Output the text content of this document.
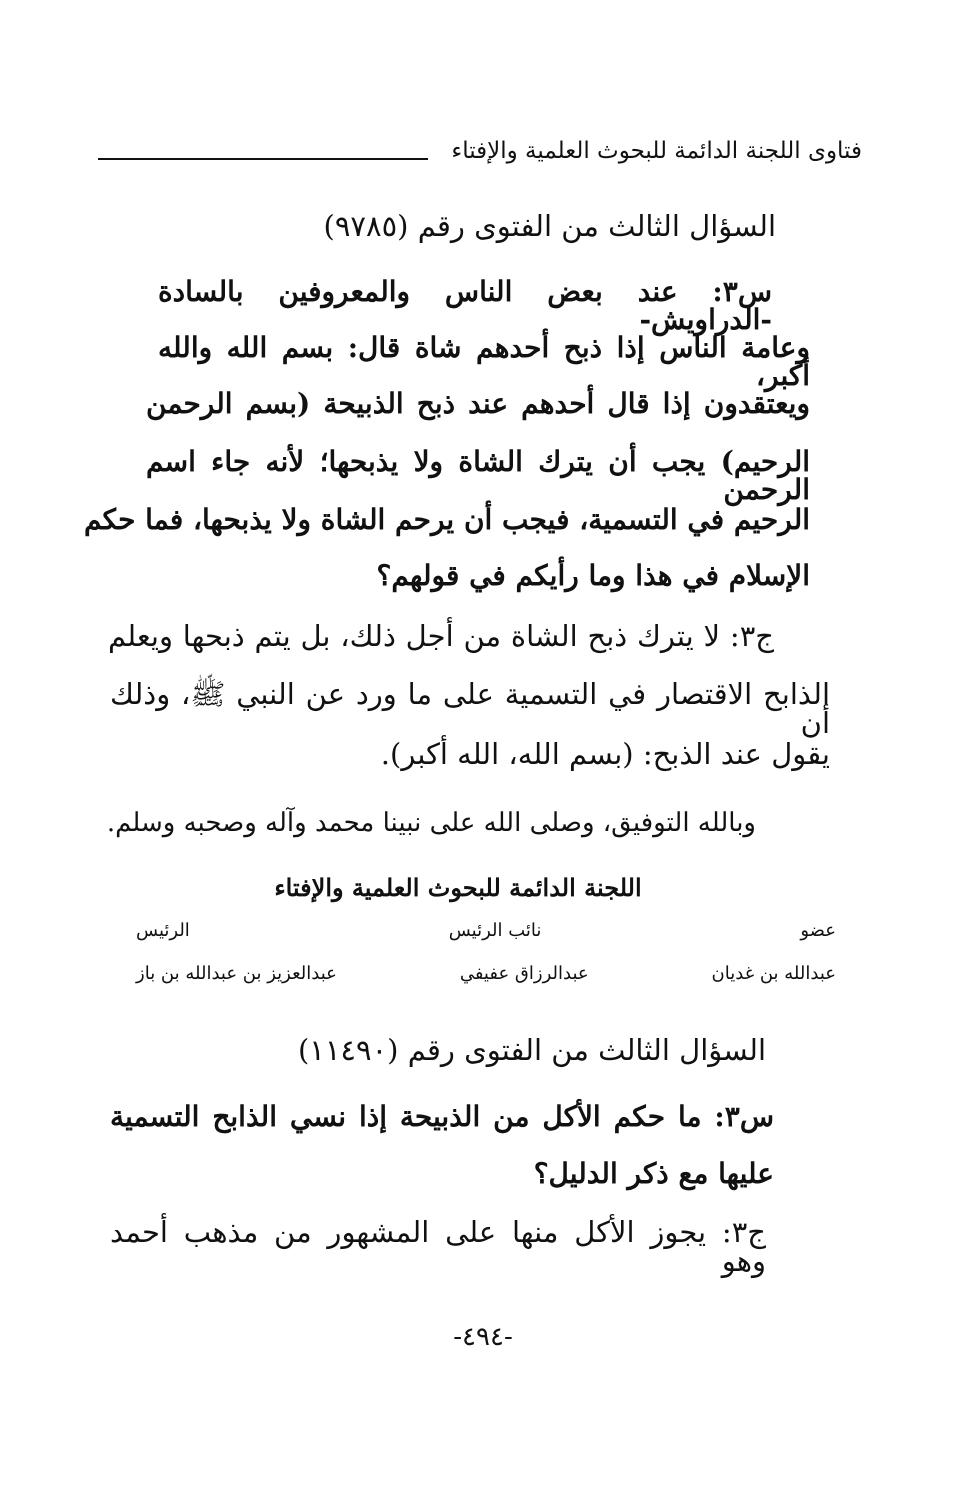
فتاوى اللجنة الدائمة للبحوث العلمية والإفتاء
السؤال الثالث من الفتوى رقم (٩٧٨٥)
س٣: عند بعض الناس والمعروفين بالسادة -الدراويش-
وعامة الناس إذا ذبح أحدهم شاة قال: بسم الله والله أكبر،
ويعتقدون إذا قال أحدهم عند ذبح الذبيحة (بسم الرحمن
الرحيم) يجب أن يترك الشاة ولا يذبحها؛ لأنه جاء اسم الرحمن
الرحيم في التسمية، فيجب أن يرحم الشاة ولا يذبحها، فما حكم
الإسلام في هذا وما رأيكم في قولهم؟
ج٣: لا يترك ذبح الشاة من أجل ذلك، بل يتم ذبحها ويعلم
الذابح الاقتصار في التسمية على ما ورد عن النبي ﷺ، وذلك أن
يقول عند الذبح: (بسم الله، الله أكبر).
وبالله التوفيق، وصلى الله على نبينا محمد وآله وصحبه وسلم.
اللجنة الدائمة للبحوث العلمية والإفتاء
عضو
نائب الرئيس
الرئيس
عبدالله بن غديان
عبدالرزاق عفيفي
عبدالعزيز بن عبدالله بن باز
السؤال الثالث من الفتوى رقم (١١٤٩٠)
س٣: ما حكم الأكل من الذبيحة إذا نسي الذابح التسمية
عليها مع ذكر الدليل؟
ج٣: يجوز الأكل منها على المشهور من مذهب أحمد وهو
-٤٩٤-
